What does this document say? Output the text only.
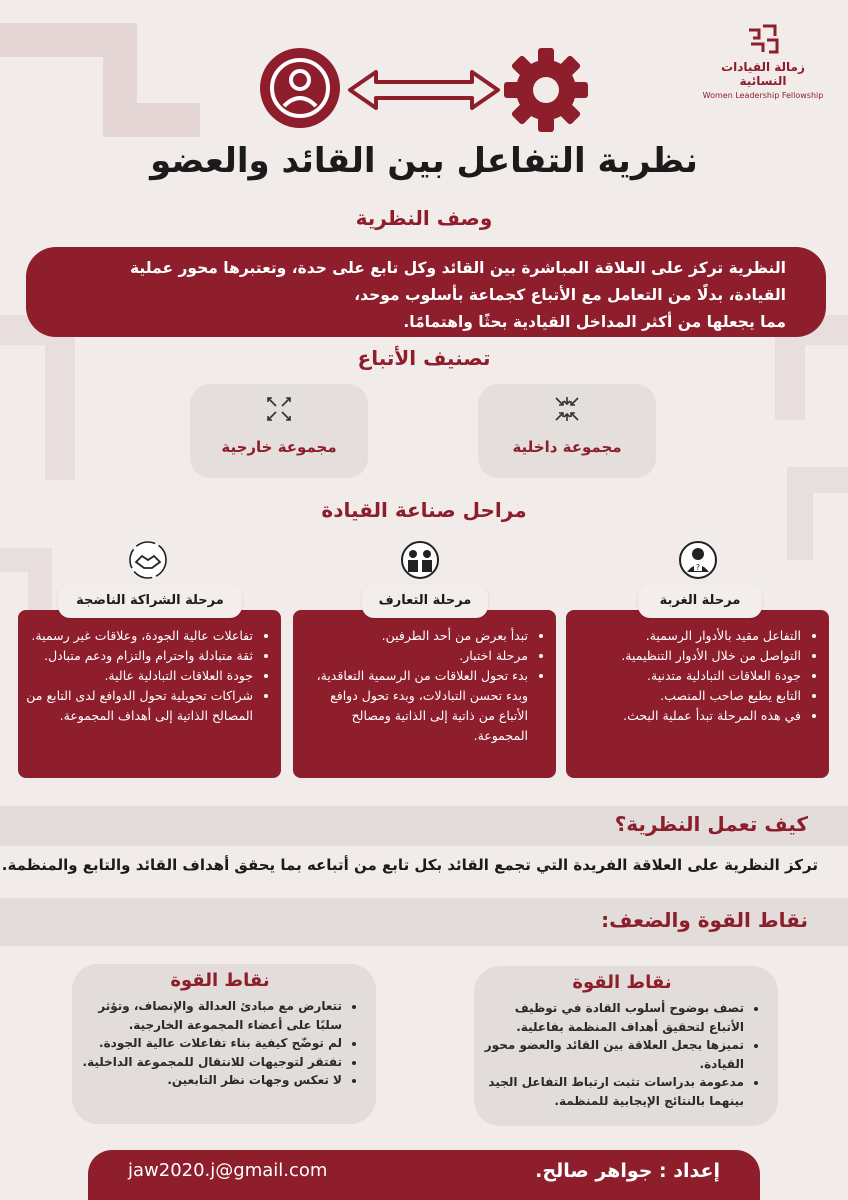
زمالة القيادات النسائية
Women Leadership Fellowship
نظرية التفاعل بين القائد والعضو
وصف النظرية
النظرية تركز على العلاقة المباشرة بين القائد وكل تابع على حدة، وتعتبرها محور عملية
القيادة، بدلًا من التعامل مع الأتباع كجماعة بأسلوب موحد،
مما يجعلها من أكثر المداخل القيادية بحثًا واهتمامًا.
تصنيف الأتباع
مجموعة داخلية
مجموعة خارجية
مراحل صناعة القيادة
?
• التفاعل مقيد بالأدوار الرسمية.
• التواصل من خلال الأدوار التنظيمية.
• جودة العلاقات التبادلية متدنية.
• التابع يطيع صاحب المنصب.
• في هذه المرحلة تبدأ عملية البحث.
• تبدأ بعرض من أحد الطرفين.
• مرحلة اختبار.
• بدء تحول العلاقات من الرسمية التعاقدية، وبدء تحسن التبادلات، وبدء تحول دوافع الأتباع من ذاتية إلى الذاتية ومصالح المجموعة.
• تفاعلات عالية الجودة، وعلاقات غير رسمية.
• ثقة متبادلة واحترام والتزام ودعم متبادل.
• جودة العلاقات التبادلية عالية.
• شراكات تحويلية تحول الدوافع لدى التابع من المصالح الذاتية إلى أهداف المجموعة.
مرحلة الغربة
مرحلة التعارف
مرحلة الشراكة الناضجة
كيف تعمل النظرية؟
تركز النظرية على العلاقة الفريدة التي تجمع القائد بكل تابع من أتباعه بما يحقق أهداف القائد والتابع والمنظمة.
نقاط القوة والضعف:
نقاط القوة
• تصف بوضوح أسلوب القادة في توظيف الأتباع لتحقيق أهداف المنظمة بفاعلية.
• تميزها بجعل العلاقة بين القائد والعضو محور القيادة.
• مدعومة بدراسات تثبت ارتباط التفاعل الجيد بينهما بالنتائج الإيجابية للمنظمة.
نقاط القوة
• تتعارض مع مبادئ العدالة والإنصاف، وتؤثر سلبًا على أعضاء المجموعة الخارجية.
• لم توضّح كيفية بناء تفاعلات عالية الجودة.
• تفتقر لتوجيهات للانتقال للمجموعة الداخلية.
• لا تعكس وجهات نظر التابعين.
إعداد : جواهر صالح.
jaw2020.j@gmail.com
